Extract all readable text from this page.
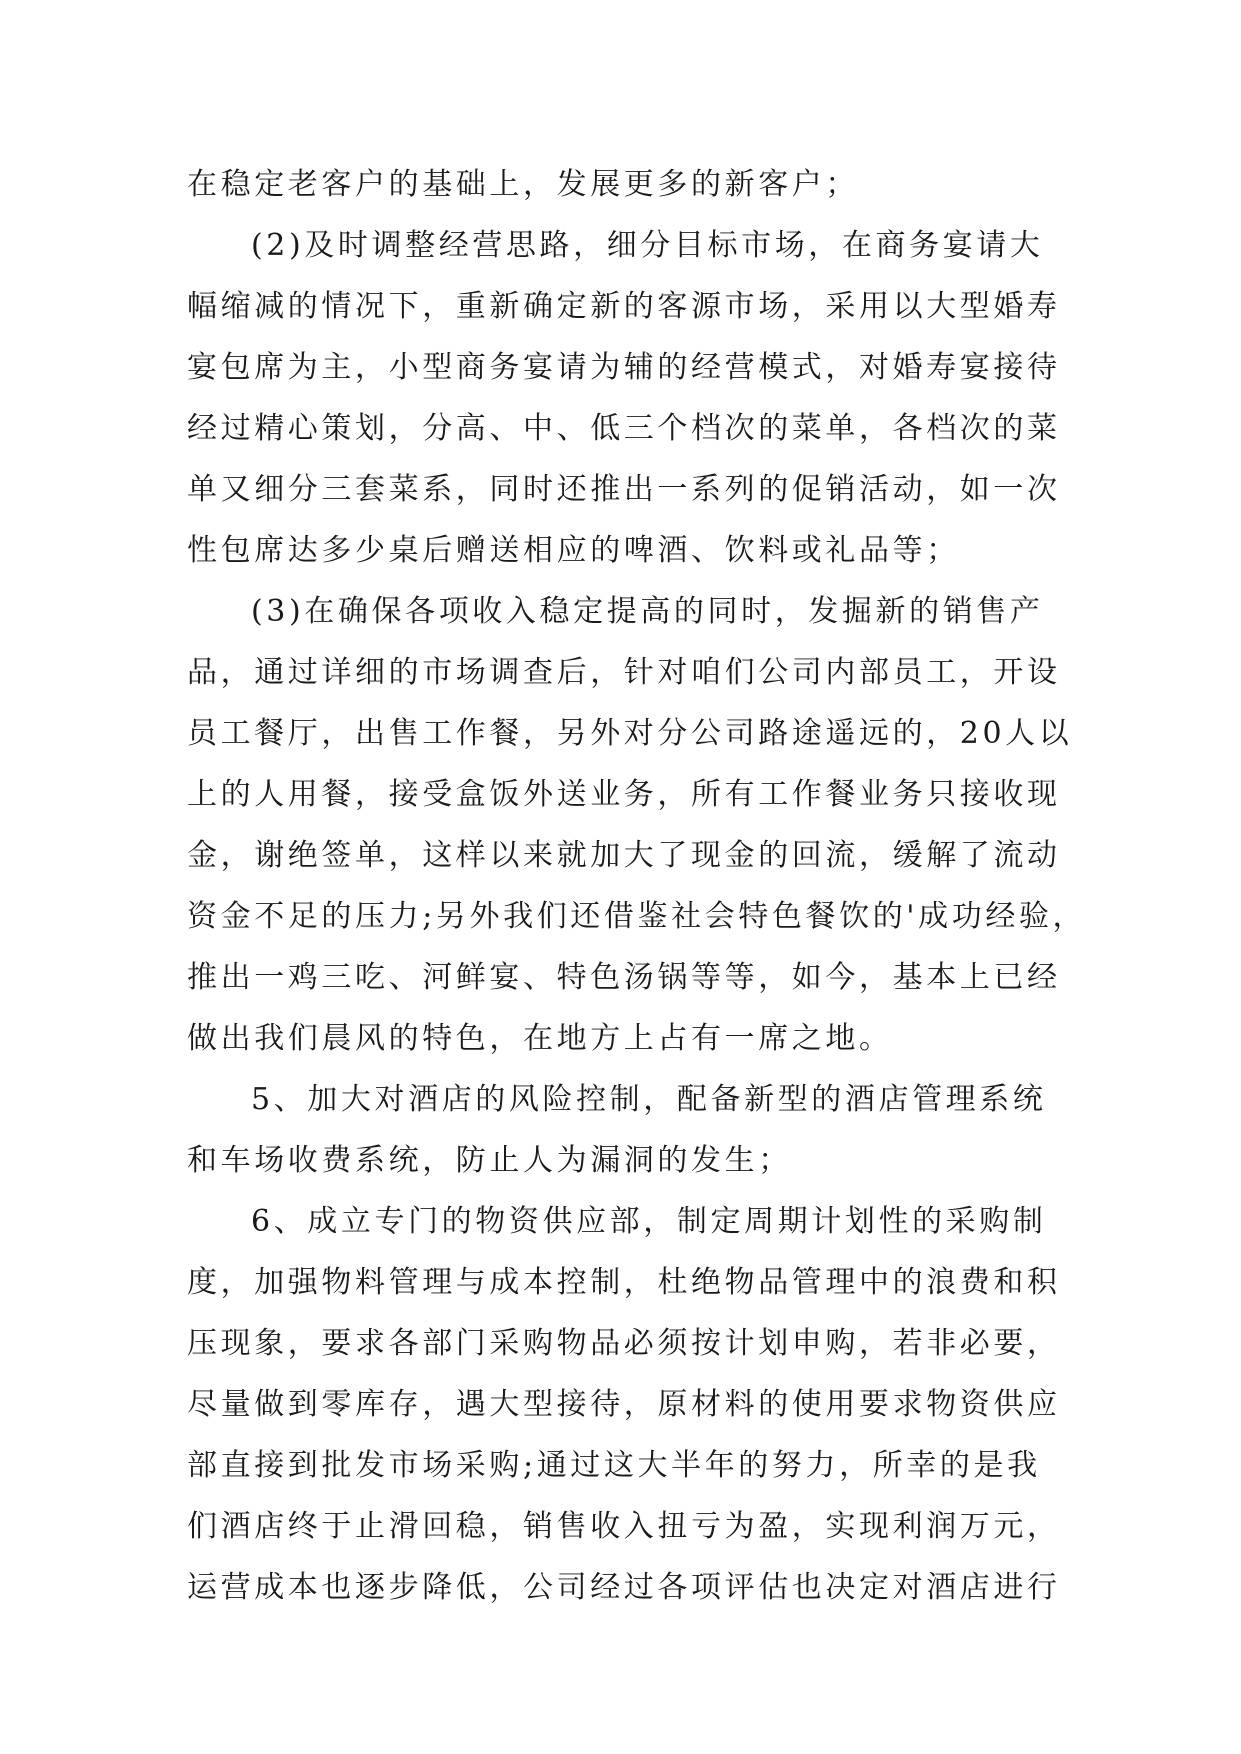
在稳定老客户的基础上，发展更多的新客户；
(2)及时调整经营思路，细分目标市场，在商务宴请大
幅缩减的情况下，重新确定新的客源市场，采用以大型婚寿
宴包席为主，小型商务宴请为辅的经营模式，对婚寿宴接待
经过精心策划，分高、中、低三个档次的菜单，各档次的菜
单又细分三套菜系，同时还推出一系列的促销活动，如一次
性包席达多少桌后赠送相应的啤酒、饮料或礼品等；
(3)在确保各项收入稳定提高的同时，发掘新的销售产
品，通过详细的市场调查后，针对咱们公司内部员工，开设
员工餐厅，出售工作餐，另外对分公司路途遥远的，20人以
上的人用餐，接受盒饭外送业务，所有工作餐业务只接收现
金，谢绝签单，这样以来就加大了现金的回流，缓解了流动
资金不足的压力;另外我们还借鉴社会特色餐饮的'成功经验，
推出一鸡三吃、河鲜宴、特色汤锅等等，如今，基本上已经
做出我们晨风的特色，在地方上占有一席之地。
5、加大对酒店的风险控制，配备新型的酒店管理系统
和车场收费系统，防止人为漏洞的发生；
6、成立专门的物资供应部，制定周期计划性的采购制
度，加强物料管理与成本控制，杜绝物品管理中的浪费和积
压现象，要求各部门采购物品必须按计划申购，若非必要，
尽量做到零库存，遇大型接待，原材料的使用要求物资供应
部直接到批发市场采购;通过这大半年的努力，所幸的是我
们酒店终于止滑回稳，销售收入扭亏为盈，实现利润万元，
运营成本也逐步降低，公司经过各项评估也决定对酒店进行
